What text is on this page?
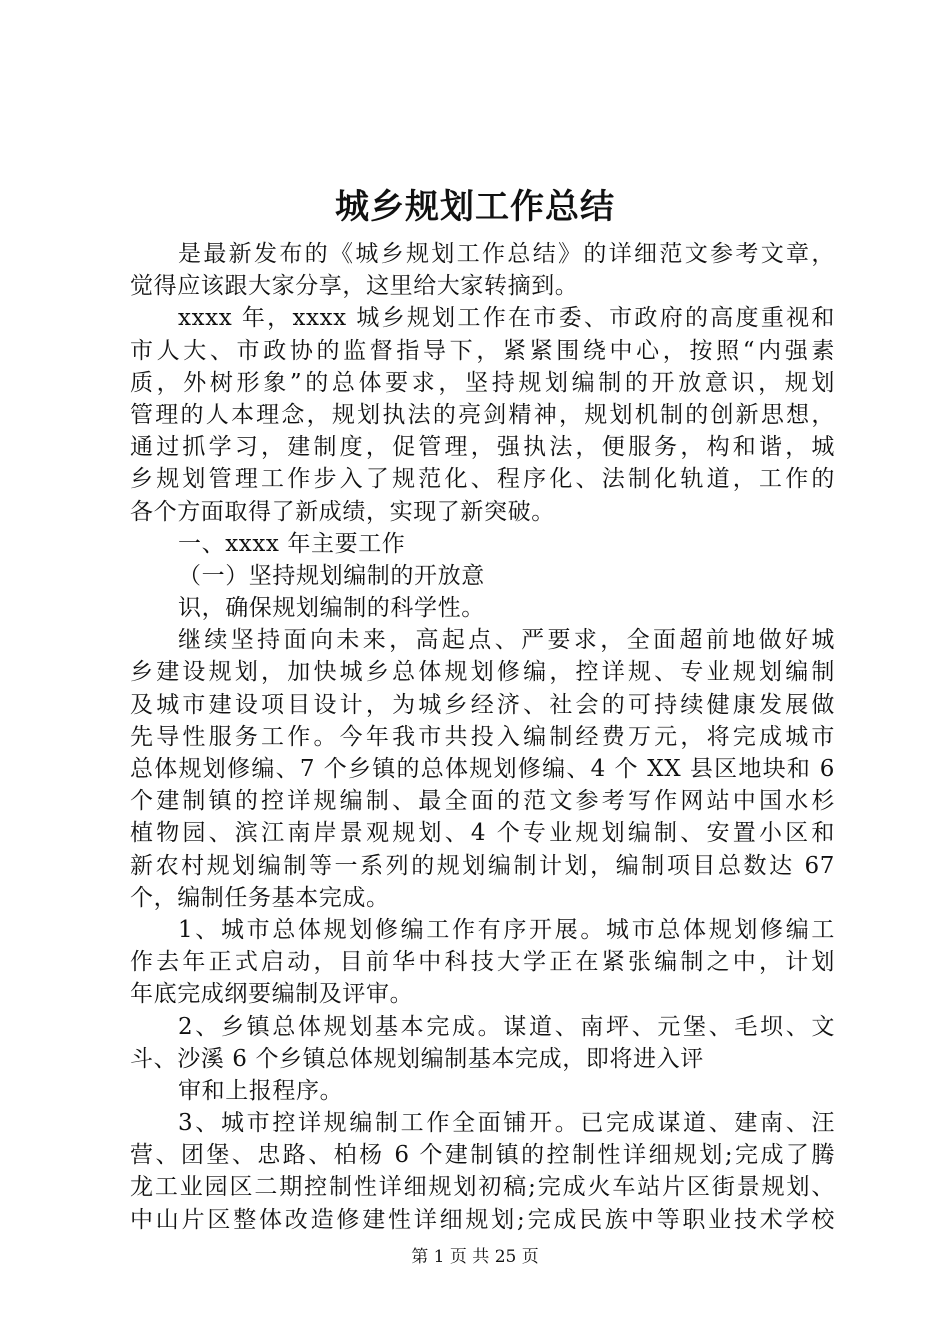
城乡规划工作总结
是最新发布的《城乡规划工作总结》的详细范文参考文章，
觉得应该跟大家分享，这里给大家转摘到。
xxxx 年，xxxx 城乡规划工作在市委、市政府的高度重视和
市人大、市政协的监督指导下，紧紧围绕中心，按照“内强素
质，外树形象”的总体要求，坚持规划编制的开放意识，规划
管理的人本理念，规划执法的亮剑精神，规划机制的创新思想，
通过抓学习，建制度，促管理，强执法，便服务，构和谐，城
乡规划管理工作步入了规范化、程序化、法制化轨道，工作的
各个方面取得了新成绩，实现了新突破。
一、xxxx 年主要工作
（一）坚持规划编制的开放意
识，确保规划编制的科学性。
继续坚持面向未来，高起点、严要求，全面超前地做好城
乡建设规划，加快城乡总体规划修编，控详规、专业规划编制
及城市建设项目设计，为城乡经济、社会的可持续健康发展做
先导性服务工作。今年我市共投入编制经费万元，将完成城市
总体规划修编、7 个乡镇的总体规划修编、4 个 XX 县区地块和 6
个建制镇的控详规编制、最全面的范文参考写作网站中国水杉
植物园、滨江南岸景观规划、4 个专业规划编制、安置小区和
新农村规划编制等一系列的规划编制计划，编制项目总数达 67
个，编制任务基本完成。
1、城市总体规划修编工作有序开展。城市总体规划修编工
作去年正式启动，目前华中科技大学正在紧张编制之中，计划
年底完成纲要编制及评审。
2、乡镇总体规划基本完成。谋道、南坪、元堡、毛坝、文
斗、沙溪 6 个乡镇总体规划编制基本完成，即将进入评
审和上报程序。
3、城市控详规编制工作全面铺开。已完成谋道、建南、汪
营、团堡、忠路、柏杨 6 个建制镇的控制性详细规划;完成了腾
龙工业园区二期控制性详细规划初稿;完成火车站片区街景规划、
中山片区整体改造修建性详细规划;完成民族中等职业技术学校
第 1 页 共 25 页
